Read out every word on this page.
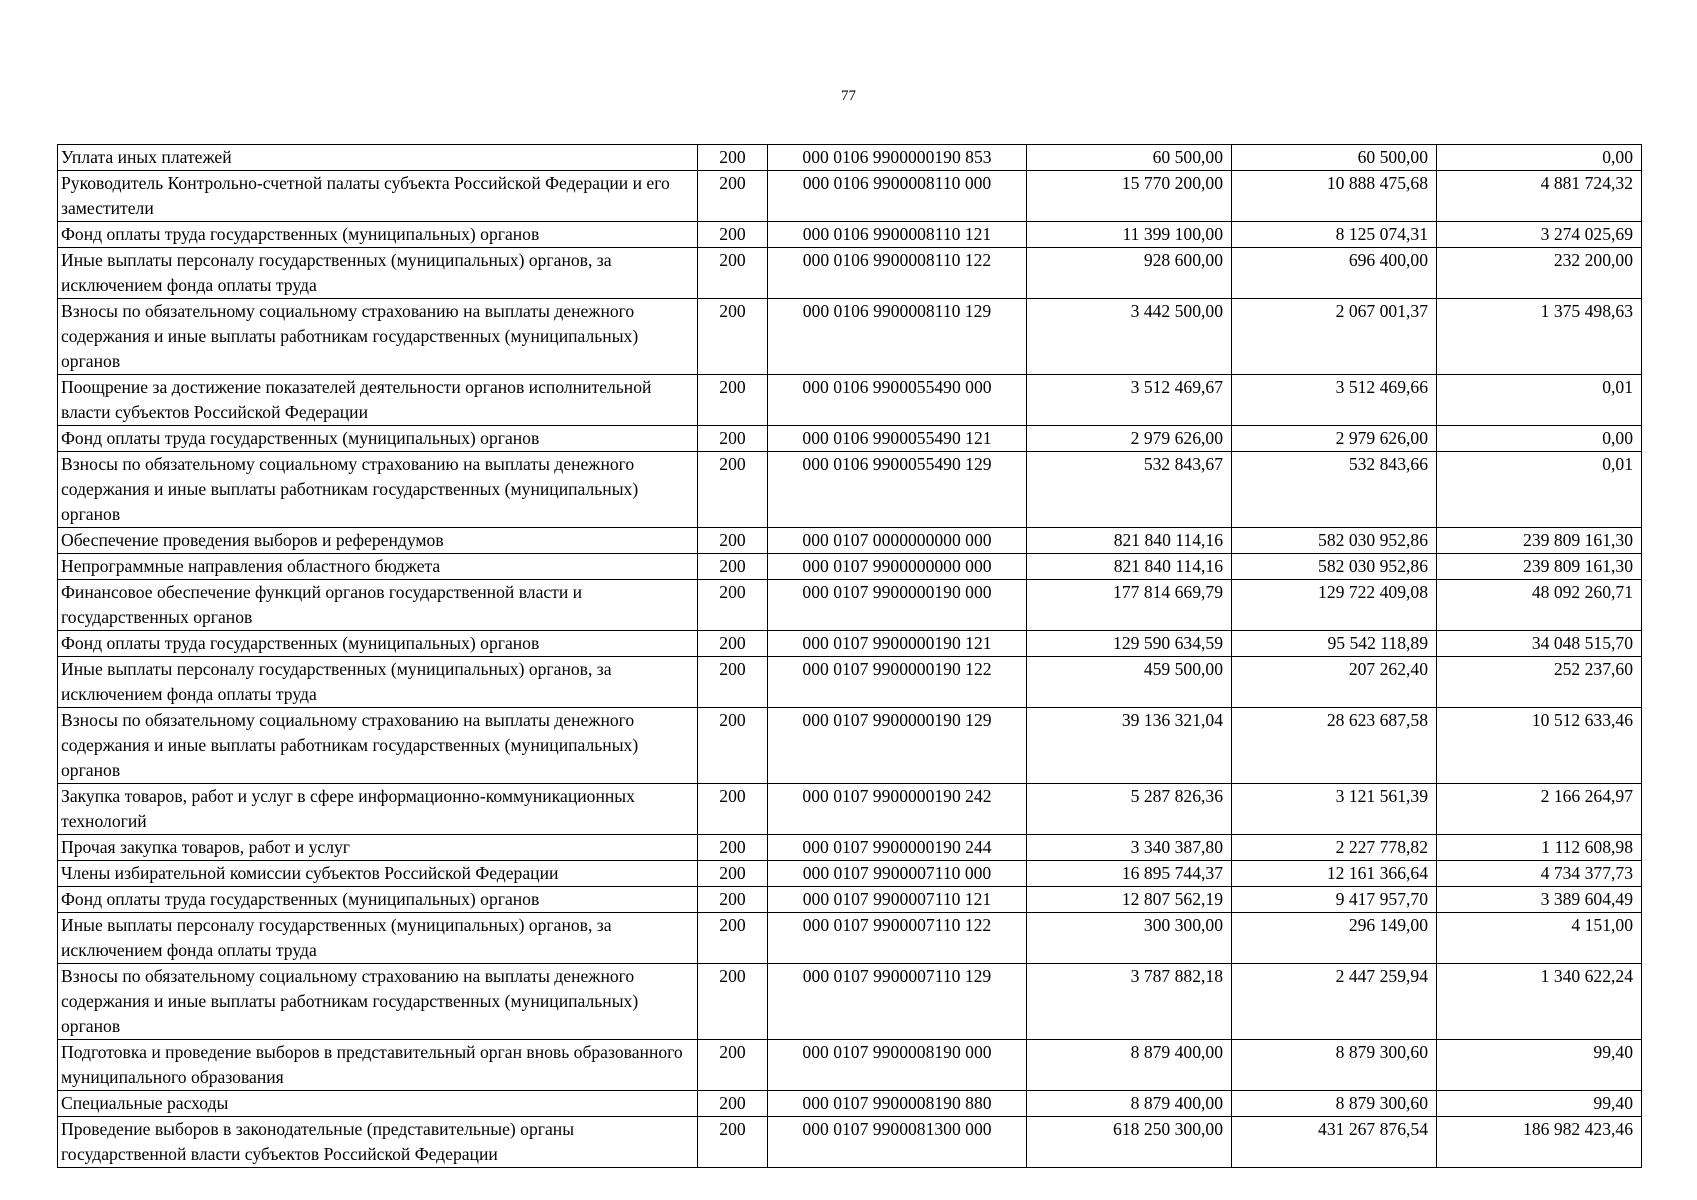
77
Уплата иных платежей	200	000 0106 9900000190 853	60 500,00	60 500,00	0,00
Руководитель Контрольно-счетной палаты субъекта Российской Федерации и его заместители	200	000 0106 9900008110 000	15 770 200,00	10 888 475,68	4 881 724,32
Фонд оплаты труда государственных (муниципальных) органов	200	000 0106 9900008110 121	11 399 100,00	8 125 074,31	3 274 025,69
Иные выплаты персоналу государственных (муниципальных) органов, за исключением фонда оплаты труда	200	000 0106 9900008110 122	928 600,00	696 400,00	232 200,00
Взносы по обязательному социальному страхованию на выплаты денежного содержания и иные выплаты работникам государственных (муниципальных) органов	200	000 0106 9900008110 129	3 442 500,00	2 067 001,37	1 375 498,63
Поощрение за достижение показателей деятельности органов исполнительной власти субъектов Российской Федерации	200	000 0106 9900055490 000	3 512 469,67	3 512 469,66	0,01
Фонд оплаты труда государственных (муниципальных) органов	200	000 0106 9900055490 121	2 979 626,00	2 979 626,00	0,00
Взносы по обязательному социальному страхованию на выплаты денежного содержания и иные выплаты работникам государственных (муниципальных) органов	200	000 0106 9900055490 129	532 843,67	532 843,66	0,01
Обеспечение проведения выборов и референдумов	200	000 0107 0000000000 000	821 840 114,16	582 030 952,86	239 809 161,30
Непрограммные направления областного бюджета	200	000 0107 9900000000 000	821 840 114,16	582 030 952,86	239 809 161,30
Финансовое обеспечение функций органов государственной власти и государственных органов	200	000 0107 9900000190 000	177 814 669,79	129 722 409,08	48 092 260,71
Фонд оплаты труда государственных (муниципальных) органов	200	000 0107 9900000190 121	129 590 634,59	95 542 118,89	34 048 515,70
Иные выплаты персоналу государственных (муниципальных) органов, за исключением фонда оплаты труда	200	000 0107 9900000190 122	459 500,00	207 262,40	252 237,60
Взносы по обязательному социальному страхованию на выплаты денежного содержания и иные выплаты работникам государственных (муниципальных) органов	200	000 0107 9900000190 129	39 136 321,04	28 623 687,58	10 512 633,46
Закупка товаров, работ и услуг в сфере информационно-коммуникационных технологий	200	000 0107 9900000190 242	5 287 826,36	3 121 561,39	2 166 264,97
Прочая закупка товаров, работ и услуг	200	000 0107 9900000190 244	3 340 387,80	2 227 778,82	1 112 608,98
Члены избирательной комиссии субъектов Российской Федерации	200	000 0107 9900007110 000	16 895 744,37	12 161 366,64	4 734 377,73
Фонд оплаты труда государственных (муниципальных) органов	200	000 0107 9900007110 121	12 807 562,19	9 417 957,70	3 389 604,49
Иные выплаты персоналу государственных (муниципальных) органов, за исключением фонда оплаты труда	200	000 0107 9900007110 122	300 300,00	296 149,00	4 151,00
Взносы по обязательному социальному страхованию на выплаты денежного содержания и иные выплаты работникам государственных (муниципальных) органов	200	000 0107 9900007110 129	3 787 882,18	2 447 259,94	1 340 622,24
Подготовка и проведение выборов в представительный орган вновь образованного муниципального образования	200	000 0107 9900008190 000	8 879 400,00	8 879 300,60	99,40
Специальные расходы	200	000 0107 9900008190 880	8 879 400,00	8 879 300,60	99,40
Проведение выборов в законодательные (представительные) органы государственной власти субъектов Российской Федерации	200	000 0107 9900081300 000	618 250 300,00	431 267 876,54	186 982 423,46
